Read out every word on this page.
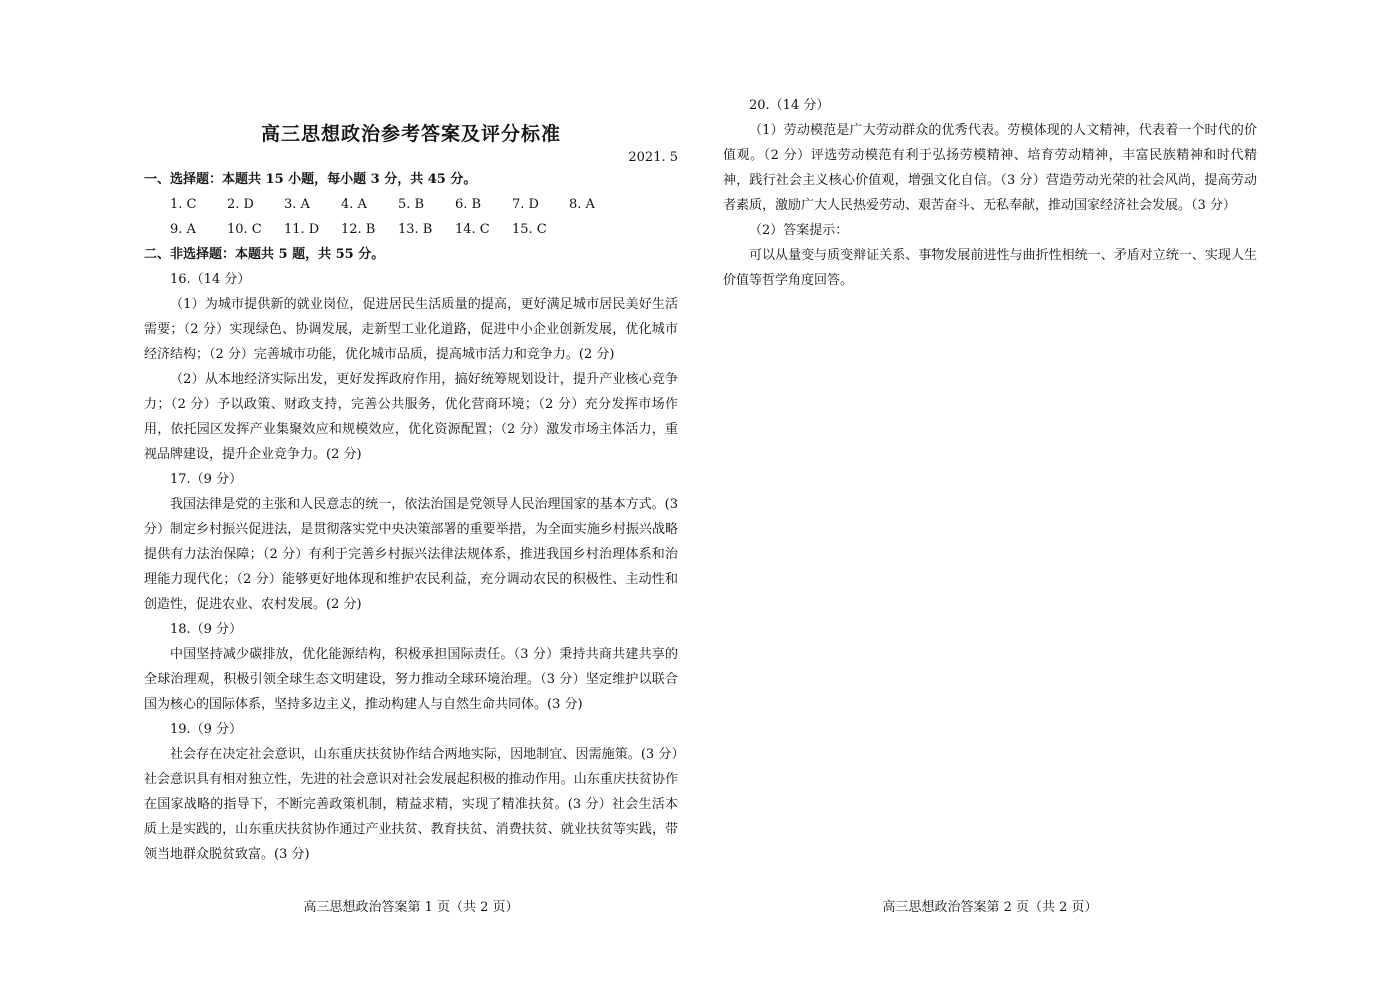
高三思想政治参考答案及评分标准
2021. 5
一、选择题：本题共 15 小题，每小题 3 分，共 45 分。
1. C	2. D	3. A	4. A	5. B	6. B	7. D	8. A
9. A	10. C	11. D	12. B	13. B	14. C	15. C
二、非选择题：本题共 5 题，共 55 分。
16.（14 分）
（1）为城市提供新的就业岗位，促进居民生活质量的提高，更好满足城市居民美好生活需要；（2 分）实现绿色、协调发展，走新型工业化道路，促进中小企业创新发展，优化城市经济结构；（2 分）完善城市功能，优化城市品质，提高城市活力和竞争力。(2 分)
（2）从本地经济实际出发，更好发挥政府作用，搞好统筹规划设计，提升产业核心竞争力；（2 分）予以政策、财政支持，完善公共服务，优化营商环境；（2 分）充分发挥市场作用，依托园区发挥产业集聚效应和规模效应，优化资源配置；（2 分）激发市场主体活力，重视品牌建设，提升企业竞争力。(2 分)
17.（9 分）
我国法律是党的主张和人民意志的统一，依法治国是党领导人民治理国家的基本方式。(3 分）制定乡村振兴促进法，是贯彻落实党中央决策部署的重要举措，为全面实施乡村振兴战略提供有力法治保障；（2 分）有利于完善乡村振兴法律法规体系，推进我国乡村治理体系和治理能力现代化；（2 分）能够更好地体现和维护农民利益，充分调动农民的积极性、主动性和创造性，促进农业、农村发展。(2 分)
18.（9 分）
中国坚持减少碳排放，优化能源结构，积极承担国际责任。（3 分）秉持共商共建共享的全球治理观，积极引领全球生态文明建设，努力推动全球环境治理。（3 分）坚定维护以联合国为核心的国际体系，坚持多边主义，推动构建人与自然生命共同体。(3 分)
19.（9 分）
社会存在决定社会意识，山东重庆扶贫协作结合两地实际，因地制宜、因需施策。(3 分）社会意识具有相对独立性，先进的社会意识对社会发展起积极的推动作用。山东重庆扶贫协作在国家战略的指导下，不断完善政策机制，精益求精，实现了精准扶贫。(3 分）社会生活本质上是实践的，山东重庆扶贫协作通过产业扶贫、教育扶贫、消费扶贫、就业扶贫等实践，带领当地群众脱贫致富。(3 分)
高三思想政治答案第 1 页（共 2 页）
20.（14 分）
（1）劳动模范是广大劳动群众的优秀代表。劳模体现的人文精神，代表着一个时代的价值观。（2 分）评选劳动模范有利于弘扬劳模精神、培育劳动精神，丰富民族精神和时代精神，践行社会主义核心价值观，增强文化自信。（3 分）营造劳动光荣的社会风尚，提高劳动者素质，激励广大人民热爱劳动、艰苦奋斗、无私奉献，推动国家经济社会发展。（3 分）
（2）答案提示：
可以从量变与质变辩证关系、事物发展前进性与曲折性相统一、矛盾对立统一、实现人生价值等哲学角度回答。
高三思想政治答案第 2 页（共 2 页）
